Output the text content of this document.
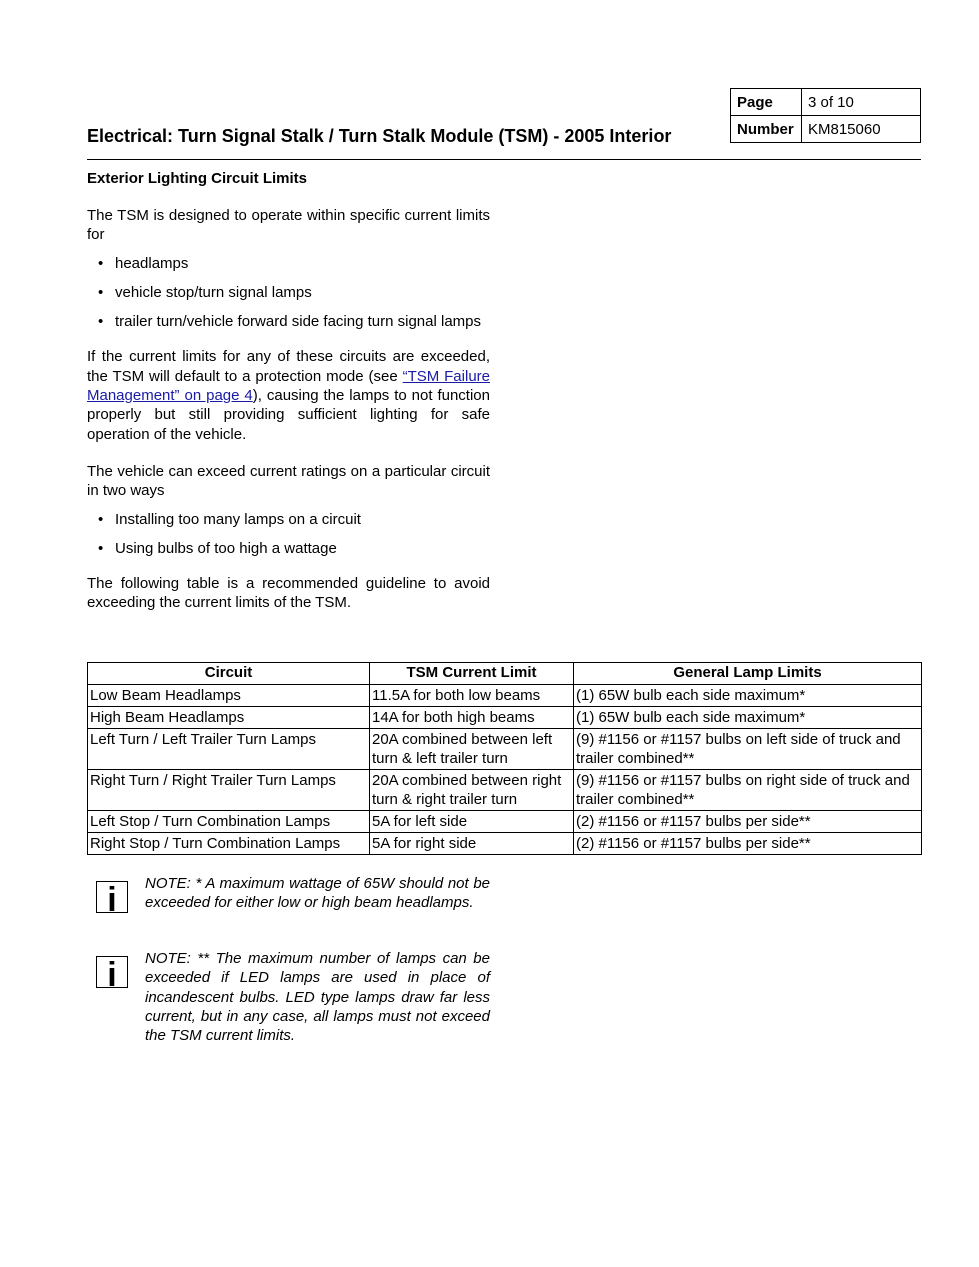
Electrical: Turn Signal Stalk / Turn Stalk Module (TSM) - 2005 Interior
Page	3 of 10
Number	KM815060
Exterior Lighting Circuit Limits

The TSM is designed to operate within specific current limits for

• headlamps
• vehicle stop/turn signal lamps
• trailer turn/vehicle forward side facing turn signal lamps

If the current limits for any of these circuits are exceeded, the TSM will default to a protection mode (see “TSM Failure Management” on page 4), causing the lamps to not function properly but still providing sufficient lighting for safe operation of the vehicle.

The vehicle can exceed current ratings on a particular circuit in two ways

• Installing too many lamps on a circuit
• Using bulbs of too high a wattage

The following table is a recommended guideline to avoid exceeding the current limits of the TSM.

Circuit	TSM Current Limit	General Lamp Limits
Low Beam Headlamps	11.5A for both low beams	(1) 65W bulb each side maximum*
High Beam Headlamps	14A for both high beams	(1) 65W bulb each side maximum*
Left Turn / Left Trailer Turn Lamps	20A combined between left turn & left trailer turn	(9) #1156 or #1157 bulbs on left side of truck and trailer combined**
Right Turn / Right Trailer Turn Lamps	20A combined between right turn & right trailer turn	(9) #1156 or #1157 bulbs on right side of truck and trailer combined**
Left Stop / Turn Combination Lamps	5A for left side	(2) #1156 or #1157 bulbs per side**
Right Stop / Turn Combination Lamps	5A for right side	(2) #1156 or #1157 bulbs per side**
i	NOTE: * A maximum wattage of 65W should not be exceeded for either low or high beam headlamps.
i	NOTE: ** The maximum number of lamps can be exceeded if LED lamps are used in place of incandescent bulbs. LED type lamps draw far less current, but in any case, all lamps must not exceed the TSM current limits.
